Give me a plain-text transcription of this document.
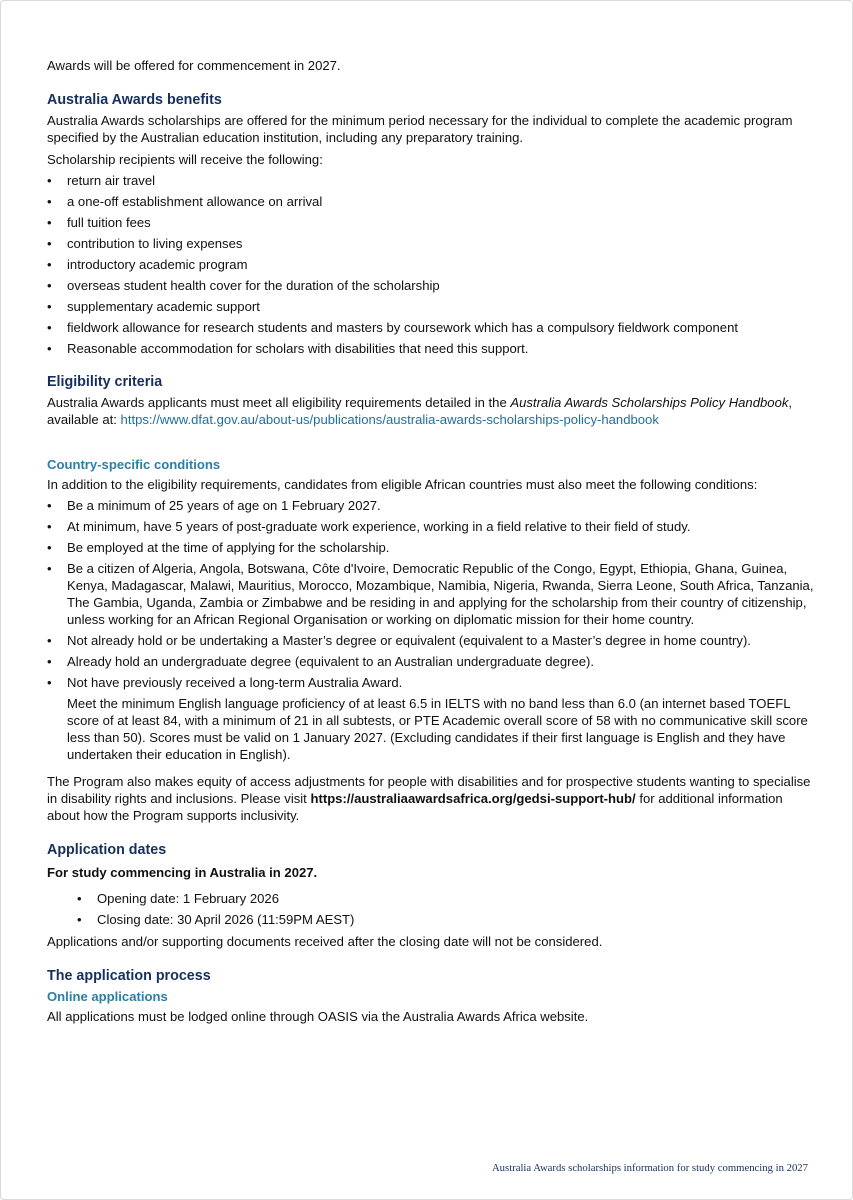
Awards will be offered for commencement in 2027.

Australia Awards benefits

Australia Awards scholarships are offered for the minimum period necessary for the individual to complete the academic program specified by the Australian education institution, including any preparatory training.

Scholarship recipients will receive the following:

• return air travel
• a one-off establishment allowance on arrival
• full tuition fees
• contribution to living expenses
• introductory academic program
• overseas student health cover for the duration of the scholarship
• supplementary academic support
• fieldwork allowance for research students and masters by coursework which has a compulsory fieldwork component
• Reasonable accommodation for scholars with disabilities that need this support.

Eligibility criteria

Australia Awards applicants must meet all eligibility requirements detailed in the Australia Awards Scholarships Policy Handbook, available at: https://www.dfat.gov.au/about-us/publications/australia-awards-scholarships-policy-handbook

Country-specific conditions

In addition to the eligibility requirements, candidates from eligible African countries must also meet the following conditions:

• Be a minimum of 25 years of age on 1 February 2027.
• At minimum, have 5 years of post-graduate work experience, working in a field relative to their field of study.
• Be employed at the time of applying for the scholarship.
• Be a citizen of Algeria, Angola, Botswana, Côte d'Ivoire, Democratic Republic of the Congo, Egypt, Ethiopia, Ghana, Guinea, Kenya, Madagascar, Malawi, Mauritius, Morocco, Mozambique, Namibia, Nigeria, Rwanda, Sierra Leone, South Africa, Tanzania, The Gambia, Uganda, Zambia or Zimbabwe and be residing in and applying for the scholarship from their country of citizenship, unless working for an African Regional Organisation or working on diplomatic mission for their home country.
• Not already hold or be undertaking a Master’s degree or equivalent (equivalent to a Master’s degree in home country).
• Already hold an undergraduate degree (equivalent to an Australian undergraduate degree).
• Not have previously received a long-term Australia Award.

Meet the minimum English language proficiency of at least 6.5 in IELTS with no band less than 6.0 (an internet based TOEFL score of at least 84, with a minimum of 21 in all subtests, or PTE Academic overall score of 58 with no communicative skill score less than 50). Scores must be valid on 1 January 2027. (Excluding candidates if their first language is English and they have undertaken their education in English).

The Program also makes equity of access adjustments for people with disabilities and for prospective students wanting to specialise in disability rights and inclusions. Please visit https://australiaawardsafrica.org/gedsi-support-hub/ for additional information about how the Program supports inclusivity.

Application dates

For study commencing in Australia in 2027.

• Opening date: 1 February 2026
• Closing date: 30 April 2026 (11:59PM AEST)

Applications and/or supporting documents received after the closing date will not be considered.

The application process

Online applications

All applications must be lodged online through OASIS via the Australia Awards Africa website.

Australia Awards scholarships information for study commencing in 2027
